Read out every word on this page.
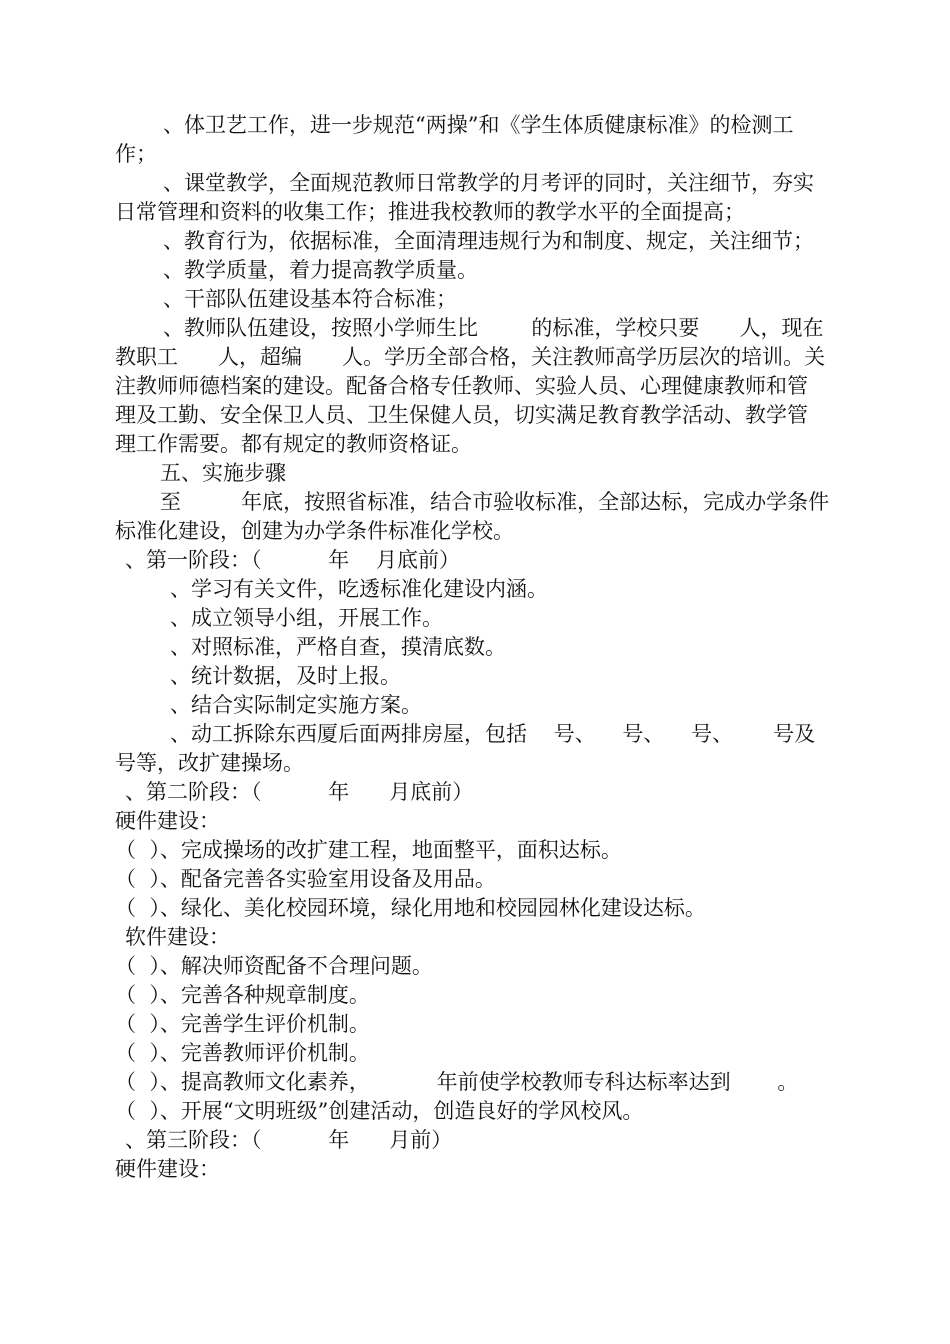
、体卫艺工作，进一步规范“两操”和《学生体质健康标准》的检测工
作；
、课堂教学，全面规范教师日常教学的月考评的同时，关注细节，夯实
日常管理和资料的收集工作；推进我校教师的教学水平的全面提高；
、教育行为，依据标准，全面清理违规行为和制度、规定，关注细节；
、教学质量，着力提高教学质量。
、干部队伍建设基本符合标准；
、教师队伍建设，按照小学师生比        的标准，学校只要      人，现在
教职工      人，超编      人。学历全部合格，关注教师高学历层次的培训。关
注教师师德档案的建设。配备合格专任教师、实验人员、心理健康教师和管
理及工勤、安全保卫人员、卫生保健人员，切实满足教育教学活动、教学管
理工作需要。都有规定的教师资格证。
五、实施步骤
至         年底，按照省标准，结合市验收标准，全部达标，完成办学条件
标准化建设，创建为办学条件标准化学校。
、第一阶段：（          年    月底前）
、学习有关文件，吃透标准化建设内涵。
、成立领导小组，开展工作。
、对照标准，严格自查，摸清底数。
、统计数据，及时上报。
、结合实际制定实施方案。
、动工拆除东西厦后面两排房屋，包括    号、    号、    号、      号及
号等，改扩建操场。
、第二阶段：（          年      月底前）
硬件建设：
（  ）、完成操场的改扩建工程，地面整平，面积达标。
（  ）、配备完善各实验室用设备及用品。
（  ）、绿化、美化校园环境，绿化用地和校园园林化建设达标。
软件建设：
（  ）、解决师资配备不合理问题。
（  ）、完善各种规章制度。
（  ）、完善学生评价机制。
（  ）、完善教师评价机制。
（  ）、提高教师文化素养，          年前使学校教师专科达标率达到       。
（  ）、开展“文明班级”创建活动，创造良好的学风校风。
、第三阶段：（          年      月前）
硬件建设：
